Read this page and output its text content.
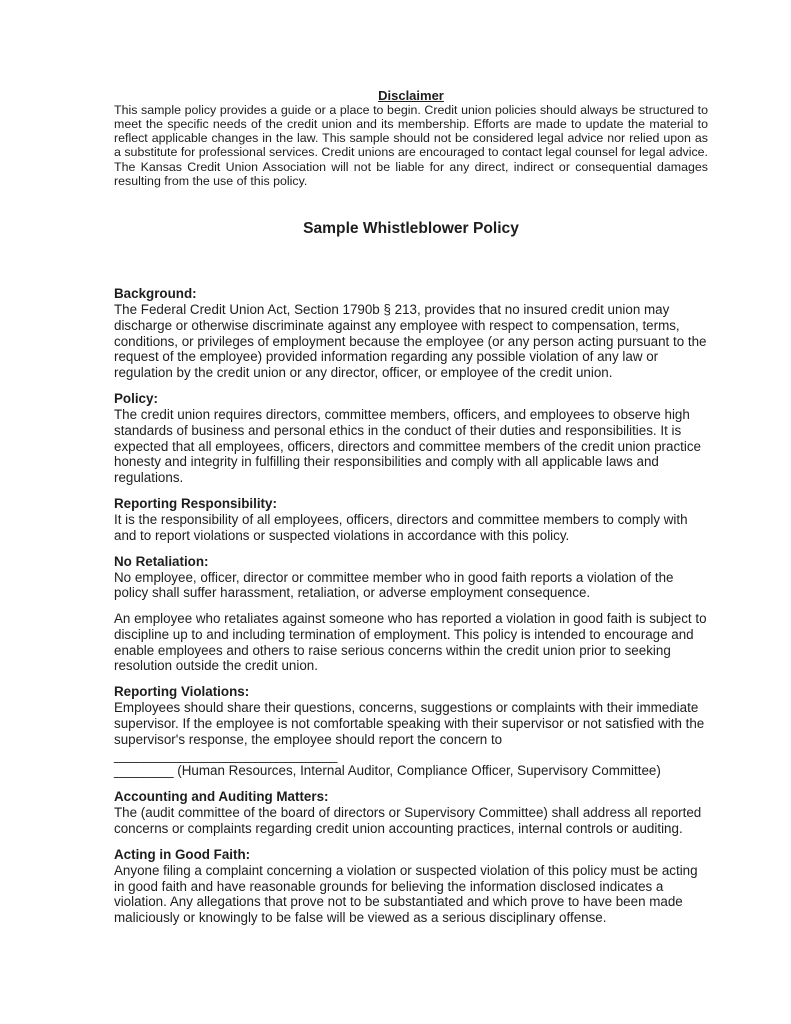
Disclaimer

This sample policy provides a guide or a place to begin. Credit union policies should always be structured to meet the specific needs of the credit union and its membership. Efforts are made to update the material to reflect applicable changes in the law. This sample should not be considered legal advice nor relied upon as a substitute for professional services. Credit unions are encouraged to contact legal counsel for legal advice. The Kansas Credit Union Association will not be liable for any direct, indirect or consequential damages resulting from the use of this policy.

Sample Whistleblower Policy
Background:

The Federal Credit Union Act, Section 1790b § 213, provides that no insured credit union may discharge or otherwise discriminate against any employee with respect to compensation, terms, conditions, or privileges of employment because the employee (or any person acting pursuant to the request of the employee) provided information regarding any possible violation of any law or regulation by the credit union or any director, officer, or employee of the credit union.

Policy:

The credit union requires directors, committee members, officers, and employees to observe high standards of business and personal ethics in the conduct of their duties and responsibilities. It is expected that all employees, officers, directors and committee members of the credit union practice honesty and integrity in fulfilling their responsibilities and comply with all applicable laws and regulations.

Reporting Responsibility:

It is the responsibility of all employees, officers, directors and committee members to comply with and to report violations or suspected violations in accordance with this policy.

No Retaliation:

No employee, officer, director or committee member who in good faith reports a violation of the policy shall suffer harassment, retaliation, or adverse employment consequence.

An employee who retaliates against someone who has reported a violation in good faith is subject to discipline up to and including termination of employment. This policy is intended to encourage and enable employees and others to raise serious concerns within the credit union prior to seeking resolution outside the credit union.

Reporting Violations:

Employees should share their questions, concerns, suggestions or complaints with their immediate supervisor. If the employee is not comfortable speaking with their supervisor or not satisfied with the supervisor's response, the employee should report the concern to ______________________________
________ (Human Resources, Internal Auditor, Compliance Officer, Supervisory Committee)

Accounting and Auditing Matters:

The (audit committee of the board of directors or Supervisory Committee) shall address all reported concerns or complaints regarding credit union accounting practices, internal controls or auditing.

Acting in Good Faith:

Anyone filing a complaint concerning a violation or suspected violation of this policy must be acting in good faith and have reasonable grounds for believing the information disclosed indicates a violation. Any allegations that prove not to be substantiated and which prove to have been made maliciously or knowingly to be false will be viewed as a serious disciplinary offense.
